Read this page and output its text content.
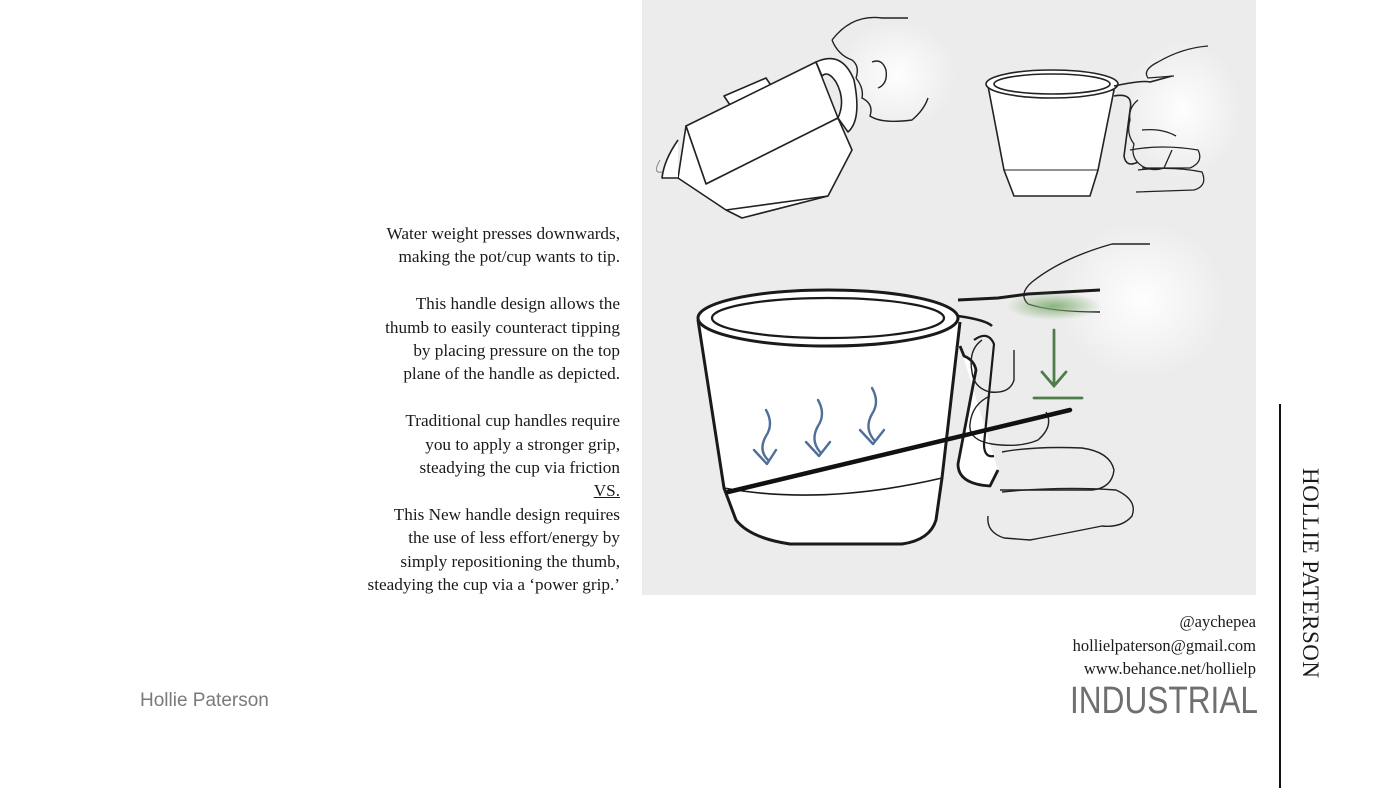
Water weight presses downwards,

making the pot/cup wants to tip.

This handle design allows the

thumb to easily counteract tipping

by placing pressure on the top

plane of the handle as depicted.

Traditional cup handles require

you to apply a stronger grip,

steadying the cup via friction

VS.

This New handle design requires

the use of less effort/energy by

simply repositioning the thumb,

steadying the cup via a ‘power grip.’

@aychepea
hollielpaterson@gmail.com
www.behance.net/hollielp
INDUSTRIAL
Hollie Paterson
HOLLIE PATERSON
